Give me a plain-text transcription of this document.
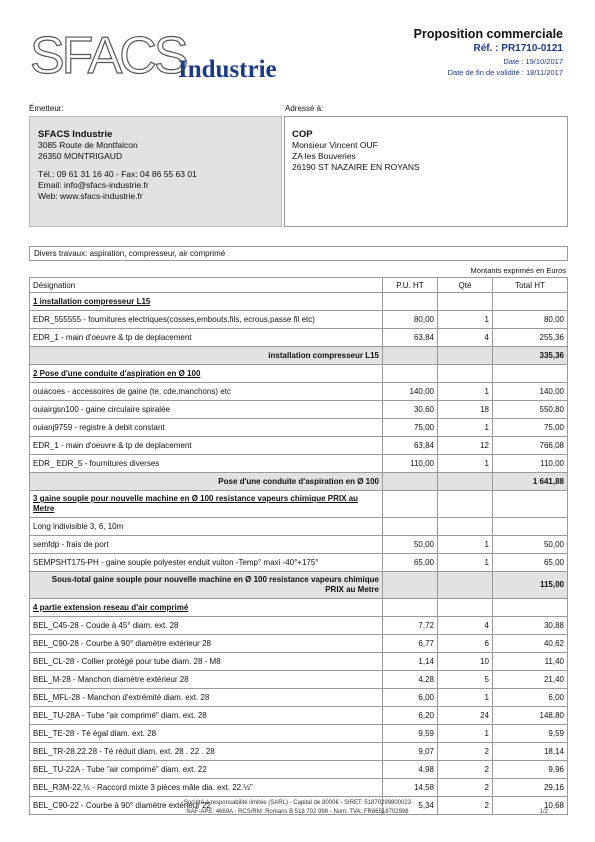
SFACS
Industrie
Proposition commerciale
Réf. : PR1710-0121
Date : 19/10/2017
Date de fin de validité : 18/11/2017
Émetteur:	Adressé à:
SFACS Industrie
3085 Route de Montfalcon
26350 MONTRIGAUD
Tél.: 09 61 31 16 40 - Fax: 04 86 55 63 01
Email: info@sfacs-industrie.fr
Web: www.sfacs-industrie.fr
COP
Monsieur Vincent OUF
ZA les Bouveries
26190 ST NAZAIRE EN ROYANS
Divers travaux: aspiration, compresseur, air comprimé
Montants exprimés en Euros
Désignation	P.U. HT	Qté	Total HT
1 installation compresseur L15			
EDR_555555 - fournitures electriques(cosses,embouts,fils, ecrous,passe fil etc)	80,00	1	80,00
EDR_1 - main d'oeuvre & tp de deplacement	63,84	4	255,36
installation compresseur L15			335,36
2 Pose d'une conduite d'aspiration en Ø 100			
ouiacoes - accessoires de gaine (te, cde,manchons) etc	140,00	1	140,00
ouiairgsn100 - gaine circulaire spiralée	30,60	18	550,80
ouianj9759 - registre à debit constant	75,00	1	75,00
EDR_1 - main d'oeuvre & tp de deplacement	63,84	12	766,08
EDR_ EDR_5 - fournitures diverses	110,00	1	110,00
Pose d'une conduite d'aspiration en Ø 100			1 641,88
3 gaine souple pour nouvelle machine en Ø 100 resistance vapeurs chimique PRIX au Metre			
Long indivisible 3, 6, 10m			
semfdp - frais de port	50,00	1	50,00
SEMPSHT175-PH - gaine souple polyester enduit vuiton -Temp° maxi -40°+175°	65,00	1	65,00
Sous-total gaine souple pour nouvelle machine en Ø 100 resistance vapeurs chimique PRIX au Metre			115,00
4 partie extension reseau d'air comprimé			
BEL_C45-28 - Coude à 45° diam. ext. 28	7,72	4	30,88
BEL_C90-28 - Courbe à 90° diamètre extérieur 28	6,77	6	40,62
BEL_CL-28 - Collier protégé pour tube diam. 28 - M8	1,14	10	11,40
BEL_M-28 - Manchon diamètre extérieur 28	4,28	5	21,40
BEL_MFL-28 - Manchon d'extrémité diam. ext. 28	6,00	1	6,00
BEL_TU-28A - Tube "air comprimé" diam. ext. 28	6,20	24	148,80
BEL_TE-28 - Té égal diam. ext. 28	9,59	1	9,59
BEL_TR-28.22.28 - Té réduit diam. ext. 28 . 22 . 28	9,07	2	18,14
BEL_TU-22A - Tube "air comprimé" diam. ext. 22	4,98	2	9,96
BEL_R3M-22.½ - Raccord mixte 3 pièces mâle dia. ext. 22.½"	14,58	2	29,16
BEL_C90-22 - Courbe à 90° diamètre extérieur 22	5,34	2	10,68
Société à responsabilité limitée (SARL) - Capital de 8000€ - SIRET: 51870299800023
NAF-APE: 4669A - RCS/RM: Romans B 518 702 998 - Num. TVA: FR86518702998	1/2
